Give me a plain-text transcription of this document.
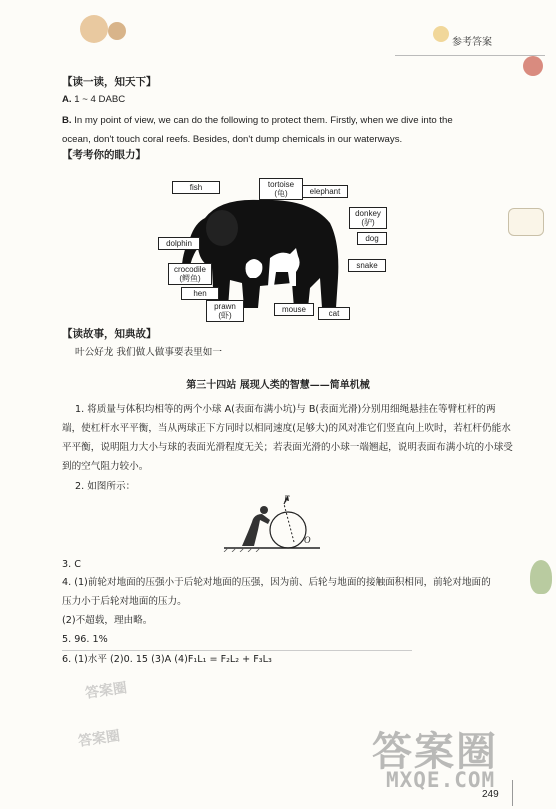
参考答案
【读一读，知天下】
A. 1 ~ 4 DABC
B. In my point of view, we can do the following to protect them. Firstly, when we dive into the
ocean, don't touch coral reefs. Besides, don't dump chemicals in our waterways.
【考考你的眼力】
fish	tortoise
(龟)	elephant
donkey
(驴)
dog
dolphin
crocodile
(鳄鱼)
snake
hen
prawn
(虾)
mouse	cat
【读故事，知典故】
叶公好龙 我们做人做事要表里如一
第三十四站 展现人类的智慧——简单机械
1. 将质量与体积均相等的两个小球 A(表面布满小坑)与 B(表面光滑)分别用细绳悬挂在等臂杠杆的两
端，使杠杆水平平衡，当从两球正下方同时以相同速度(足够大)的风对准它们竖直向上吹时，若杠杆仍能水
平平衡，说明阻力大小与球的表面光滑程度无关；若表面光滑的小球一端翘起，说明表面布满小坑的小球受
到的空气阻力较小。
2. 如图所示：
F
O
3. C
4. (1)前轮对地面的压强小于后轮对地面的压强，因为前、后轮与地面的接触面积相同，前轮对地面的
压力小于后轮对地面的压力。
(2)不超载，理由略。
5. 96. 1%
6. (1)水平 (2)0. 15 (3)A (4)F₁L₁ = F₂L₂ + F₃L₃
答案圈
答案圈	答案圈
MXQE.COM
249
